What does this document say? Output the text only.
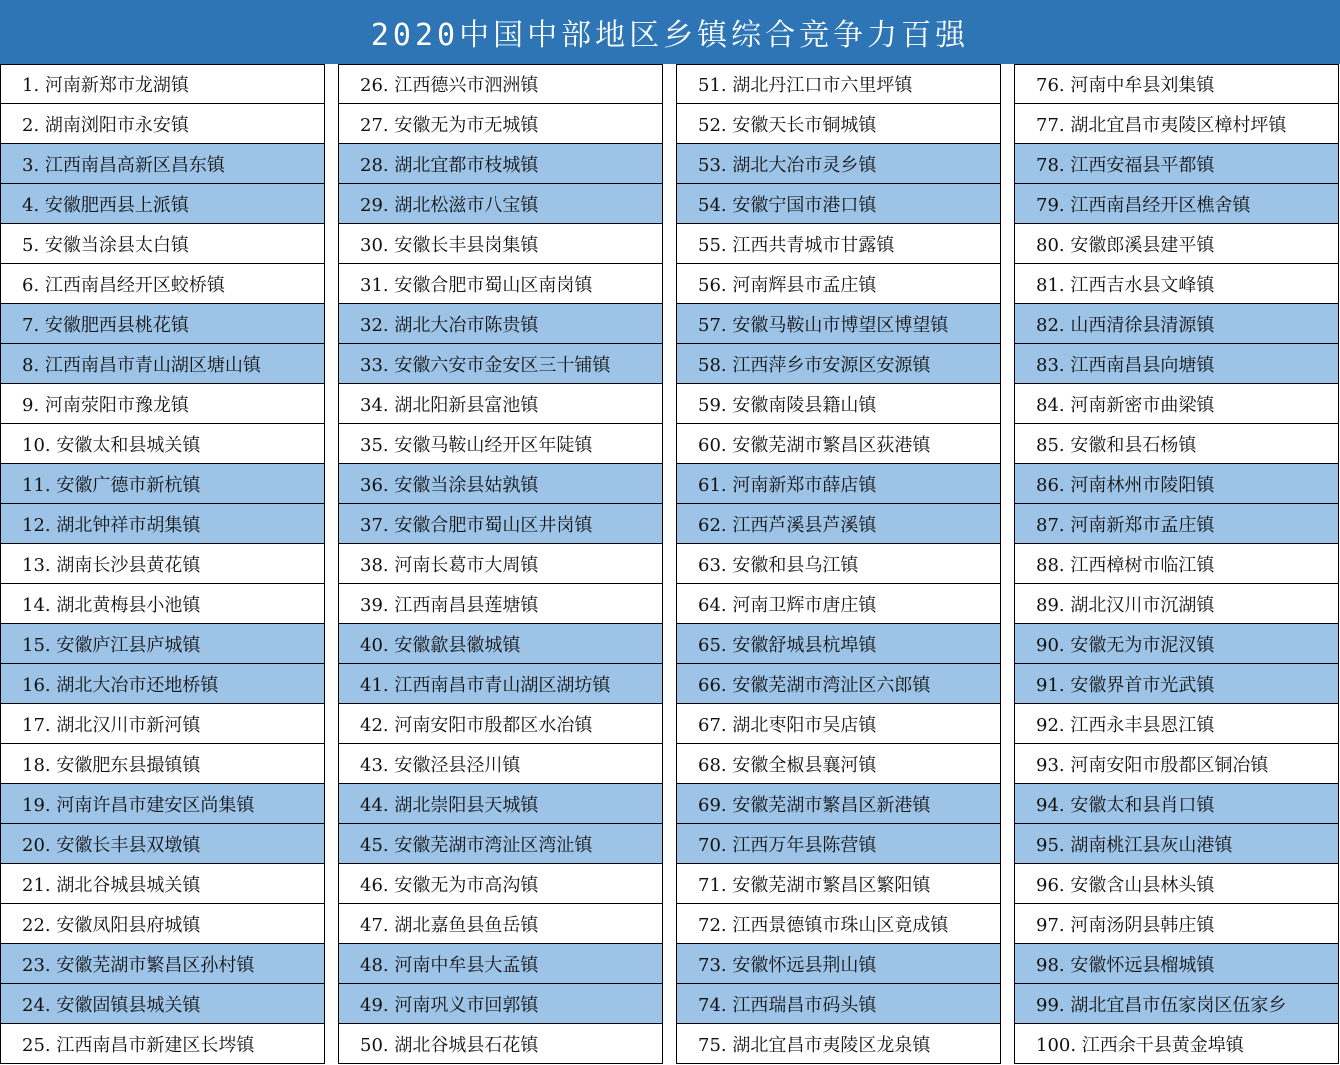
2020中国中部地区乡镇综合竞争力百强
1. 河南新郑市龙湖镇
2. 湖南浏阳市永安镇
3. 江西南昌高新区昌东镇
4. 安徽肥西县上派镇
5. 安徽当涂县太白镇
6. 江西南昌经开区蛟桥镇
7. 安徽肥西县桃花镇
8. 江西南昌市青山湖区塘山镇
9. 河南荥阳市豫龙镇
10. 安徽太和县城关镇
11. 安徽广德市新杭镇
12. 湖北钟祥市胡集镇
13. 湖南长沙县黄花镇
14. 湖北黄梅县小池镇
15. 安徽庐江县庐城镇
16. 湖北大冶市还地桥镇
17. 湖北汉川市新河镇
18. 安徽肥东县撮镇镇
19. 河南许昌市建安区尚集镇
20. 安徽长丰县双墩镇
21. 湖北谷城县城关镇
22. 安徽凤阳县府城镇
23. 安徽芜湖市繁昌区孙村镇
24. 安徽固镇县城关镇
25. 江西南昌市新建区长埁镇
26. 江西德兴市泗洲镇
27. 安徽无为市无城镇
28. 湖北宜都市枝城镇
29. 湖北松滋市八宝镇
30. 安徽长丰县岗集镇
31. 安徽合肥市蜀山区南岗镇
32. 湖北大冶市陈贵镇
33. 安徽六安市金安区三十铺镇
34. 湖北阳新县富池镇
35. 安徽马鞍山经开区年陡镇
36. 安徽当涂县姑孰镇
37. 安徽合肥市蜀山区井岗镇
38. 河南长葛市大周镇
39. 江西南昌县莲塘镇
40. 安徽歙县徽城镇
41. 江西南昌市青山湖区湖坊镇
42. 河南安阳市殷都区水冶镇
43. 安徽泾县泾川镇
44. 湖北崇阳县天城镇
45. 安徽芜湖市湾沚区湾沚镇
46. 安徽无为市高沟镇
47. 湖北嘉鱼县鱼岳镇
48. 河南中牟县大孟镇
49. 河南巩义市回郭镇
50. 湖北谷城县石花镇
51. 湖北丹江口市六里坪镇
52. 安徽天长市铜城镇
53. 湖北大冶市灵乡镇
54. 安徽宁国市港口镇
55. 江西共青城市甘露镇
56. 河南辉县市孟庄镇
57. 安徽马鞍山市博望区博望镇
58. 江西萍乡市安源区安源镇
59. 安徽南陵县籍山镇
60. 安徽芜湖市繁昌区荻港镇
61. 河南新郑市薛店镇
62. 江西芦溪县芦溪镇
63. 安徽和县乌江镇
64. 河南卫辉市唐庄镇
65. 安徽舒城县杭埠镇
66. 安徽芜湖市湾沚区六郎镇
67. 湖北枣阳市吴店镇
68. 安徽全椒县襄河镇
69. 安徽芜湖市繁昌区新港镇
70. 江西万年县陈营镇
71. 安徽芜湖市繁昌区繁阳镇
72. 江西景德镇市珠山区竟成镇
73. 安徽怀远县荆山镇
74. 江西瑞昌市码头镇
75. 湖北宜昌市夷陵区龙泉镇
76. 河南中牟县刘集镇
77. 湖北宜昌市夷陵区樟村坪镇
78. 江西安福县平都镇
79. 江西南昌经开区樵舍镇
80. 安徽郎溪县建平镇
81. 江西吉水县文峰镇
82. 山西清徐县清源镇
83. 江西南昌县向塘镇
84. 河南新密市曲梁镇
85. 安徽和县石杨镇
86. 河南林州市陵阳镇
87. 河南新郑市孟庄镇
88. 江西樟树市临江镇
89. 湖北汉川市沉湖镇
90. 安徽无为市泥汊镇
91. 安徽界首市光武镇
92. 江西永丰县恩江镇
93. 河南安阳市殷都区铜冶镇
94. 安徽太和县肖口镇
95. 湖南桃江县灰山港镇
96. 安徽含山县林头镇
97. 河南汤阴县韩庄镇
98. 安徽怀远县榴城镇
99. 湖北宜昌市伍家岗区伍家乡
100. 江西余干县黄金埠镇
